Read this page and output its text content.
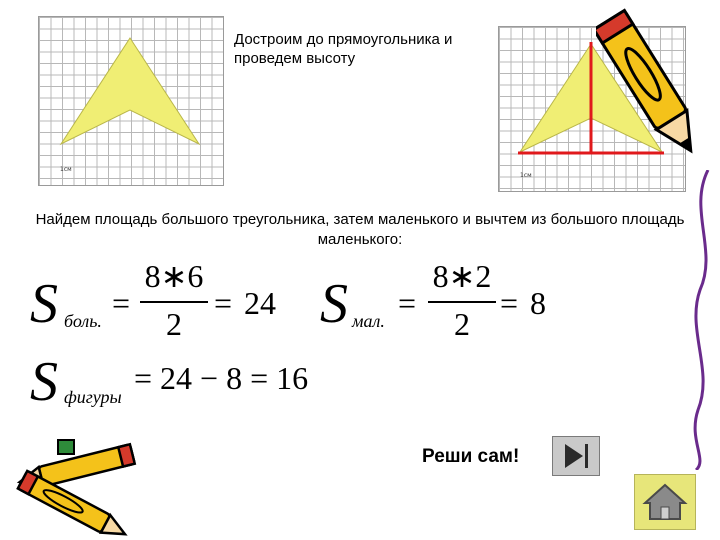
1см
Достроим до прямоугольника и проведем высоту
1см
Найдем площадь большого треугольника, затем маленького и вычтем из большого площадь маленького:
S боль. =
8∗6
2
= 24 S мал. =
8∗2
2
= 8
S фигуры
= 24 − 8 = 16
Реши сам!
